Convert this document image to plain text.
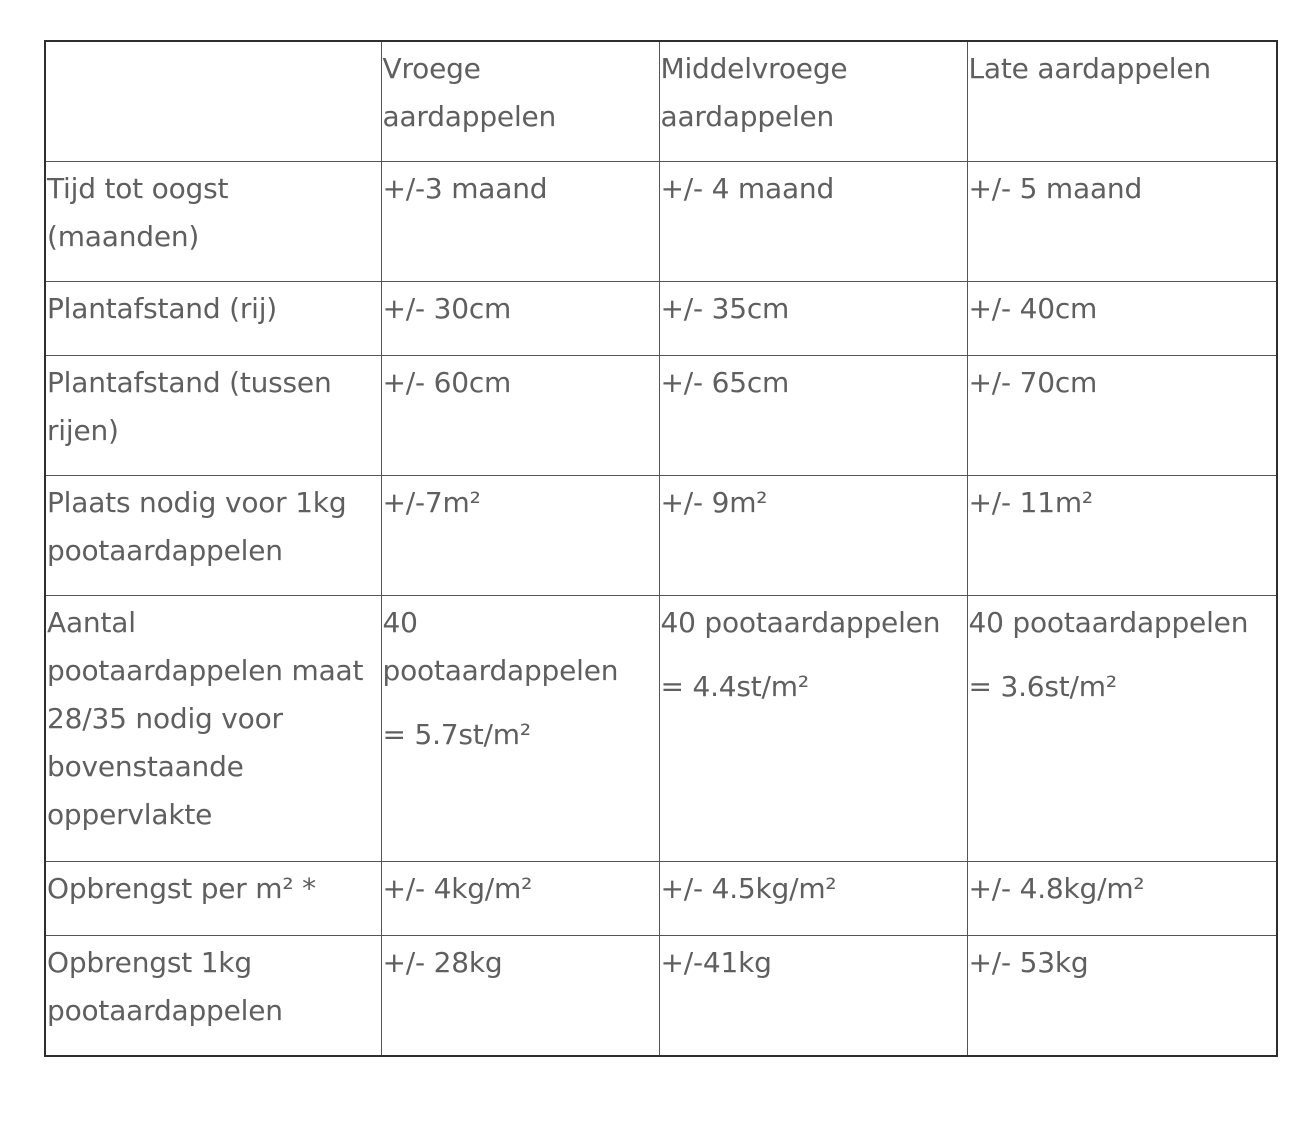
	Vroege
aardappelen	Middelvroege
aardappelen	Late aardappelen

Tijd tot oogst
(maanden)	+/-3 maand	+/- 4 maand	+/- 5 maand

Plantafstand (rij)	+/- 30cm	+/- 35cm	+/- 40cm

Plantafstand (tussen
rijen)	+/- 60cm	+/- 65cm	+/- 70cm

Plaats nodig voor 1kg
pootaardappelen	+/-7m²	+/- 9m²	+/- 11m²

Aantal
pootaardappelen maat
28/35 nodig voor
bovenstaande
oppervlakte	40
pootaardappelen
= 5.7st/m²	40 pootaardappelen
= 4.4st/m²	40 pootaardappelen
= 3.6st/m²

Opbrengst per m² *	+/- 4kg/m²	+/- 4.5kg/m²	+/- 4.8kg/m²

Opbrengst 1kg
pootaardappelen	+/- 28kg	+/-41kg	+/- 53kg
